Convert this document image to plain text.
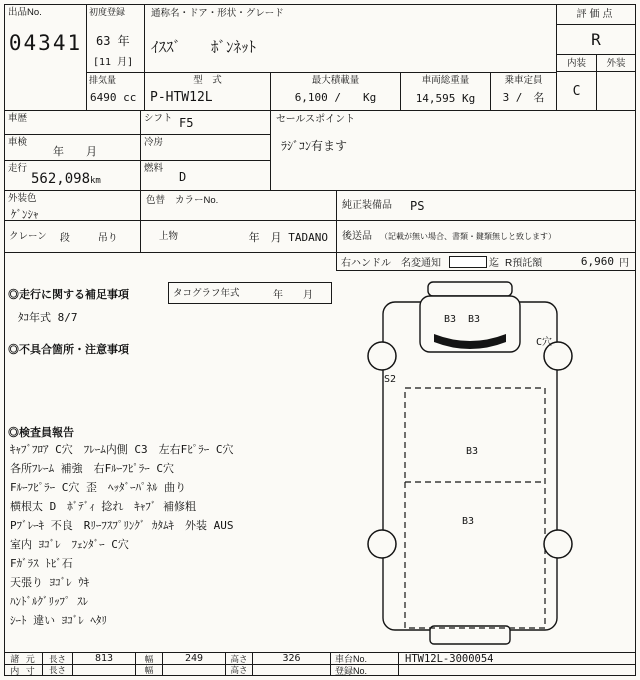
出品No.
04341
初度登録
63 年
[11 月]
通称名・ドア・形状・グレード
ｲｽｽﾞ　　ﾎﾞﾝﾈｯﾄ
評価点
R
内装	外装
C
排気量
6490 cc
型　式
P-HTW12L
最大積載量
6,100 /　　Kg
車両総重量
14,595 Kg
乗車定員
3 /　名
車歴	シフト F5
車検
年　　月
冷房
走行
562,098km
燃料
D
外装色
ｹﾞﾝｼｬ
色替 カラーNo.
クレーン 段	吊り	上物	年　月 TADANO
セールスポイント
ﾗｼﾞｺﾝ有ます
純正装備品 PS
後送品 （記載が無い場合、書類・鍵類無しと致します）
右ハンドル 名変通知	迄 R預託額	6,960 円
◎走行に関する補足事項	タコグラフ年式	年　　月
ﾀｺ年式 8/7
◎不具合箇所・注意事項
◎検査員報告
ｷｬﾌﾞﾌﾛｱ C穴　ﾌﾚｰﾑ内側 C3　左右Fﾋﾟﾗｰ C穴
各所ﾌﾚｰﾑ 補強　右Fﾙｰﾌﾋﾟﾗｰ C穴
Fﾙｰﾌﾋﾟﾗｰ C穴 歪　ﾍｯﾀﾞｰﾊﾟﾈﾙ 曲り
横根太 D　ﾎﾞﾃﾞｨ 捻れ　ｷｬﾌﾞ 補修粗
Pﾌﾞﾚｰｷ 不良　Rﾘｰﾌｽﾌﾟﾘﾝｸﾞ ｶﾀﾑｷ　外装 AUS
室内 ﾖｺﾞﾚ　ﾌｪﾝﾀﾞｰ C穴
Fｶﾞﾗｽ ﾄﾋﾞ石
天張り ﾖｺﾞﾚ ｳｷ
ﾊﾝﾄﾞﾙｸﾞﾘｯﾌﾟ ｽﾚ
ｼｰﾄ 違い ﾖｺﾞﾚ ﾍﾀﾘ
B3 B3
C穴
S2
B3
B3
諸 元	長さ	813	幅	249	高さ	326	車台No.	HTW12L-3000054
内 寸	長さ	幅	高さ	登録No.
